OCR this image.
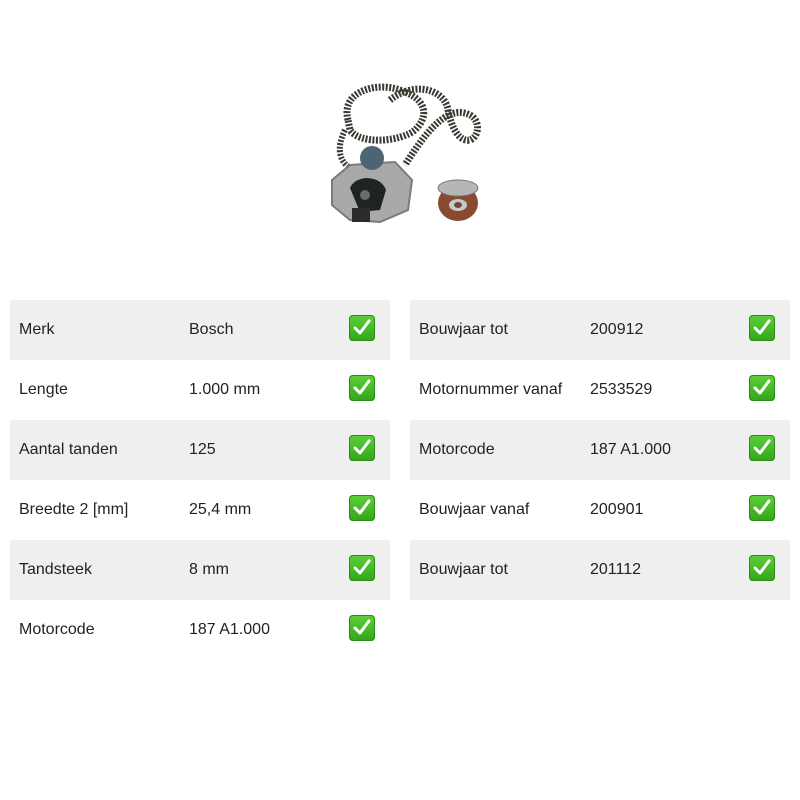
Merk	Bosch
Lengte	1.000 mm
Aantal tanden	125
Breedte 2 [mm]	25,4 mm
Tandsteek	8 mm
Motorcode	187 A1.000
Bouwjaar tot	200912
Motornummer vanaf 2533529
Motorcode	187 A1.000
Bouwjaar vanaf	200901
Bouwjaar tot	201112
